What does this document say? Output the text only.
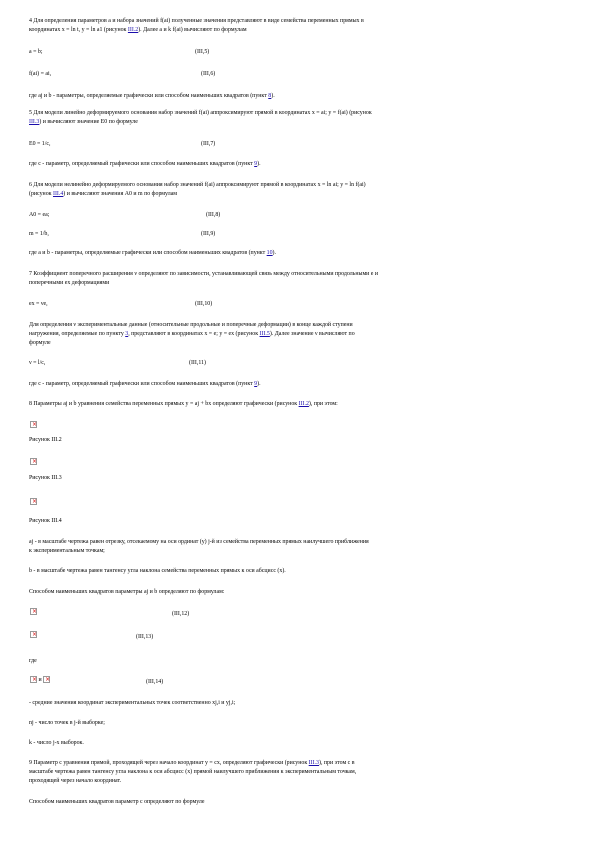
4 Для определения параметров a и набора значений f(ai) полученные значения представляют в виде семейства переменных прямых в
координатах x = ln t, y = ln a1 (рисунок III.2). Далее a и k f(ai) вычисляют по формулам
a = b;	(III,5)
f(ai) = ai,	(III,6)
где aj и b - параметры, определяемые графически или способом наименьших квадратов (пункт 8).
5 Для модели линейно деформируемого основания набор значений f(ai) аппроксимируют прямой в координатах x = ai; y = f(ai) (рисунок
III.3) и вычисляют значение E0 по формуле
E0 = 1/c,	(III,7)
где c - параметр, определяемый графически или способом наименьших квадратов (пункт 9).
6 Для модели нелинейно деформируемого основания набор значений f(ai) аппроксимируют прямой в координатах x = ln ai; y = ln f(ai)
(рисунок III.4) и вычисляют значения A0 и m по формулам
A0 = ea;	(III,8)
m = 1/b,	(III,9)
где a и b - параметры, определяемые графически или способом наименьших квадратов (пункт 10).
7 Коэффициент поперечного расширения ν определяют по зависимости, устанавливающей связь между относительными продольными e и
поперечными ex деформациями
ex = νe,	(III,10)
Для определения ν экспериментальные данные (относительные продольные и поперечные деформации) в конце каждой ступени
нагружения, определяемые по пункту 3, представляют в координатах x = e; y = ex (рисунок III.5). Далее значение ν вычисляют по
формуле
ν = l/c,	(III,11)
где c - параметр, определяемый графически или способом наименьших квадратов (пункт 9).
8 Параметры aj и b уравнения семейства переменных прямых y = aj + bx определяют графически (рисунок III.2), при этом:
×
Рисунок III.2
×
Рисунок III.3
×
Рисунок III.4
aj - в масштабе чертежа равен отрезку, отсекаемому на оси ординат (y) j-й из семейства переменных прямых наилучшего приближения
к экспериментальным точкам;
b - в масштабе чертежа равен тангенсу угла наклона семейства переменных прямых к оси абсцисс (x).
Способом наименьших квадратов параметры aj и b определяют по формулам:
×
(III,12)
×
(III,13)
где
× и ×	(III,14)
- средние значения координат экспериментальных точек соответственно xj,i и yj,i;
nj - число точек в j-й выборке;
k - число j-х выборок.
9 Параметр c уравнения прямой, проходящей через начало координат y = cx, определяют графически (рисунок III.3), при этом c в
масштабе чертежа равен тангенсу угла наклона к оси абсцисс (x) прямой наилучшего приближения к экспериментальным точкам,
проходящей через начало координат.
Способом наименьших квадратов параметр c определяют по формуле
